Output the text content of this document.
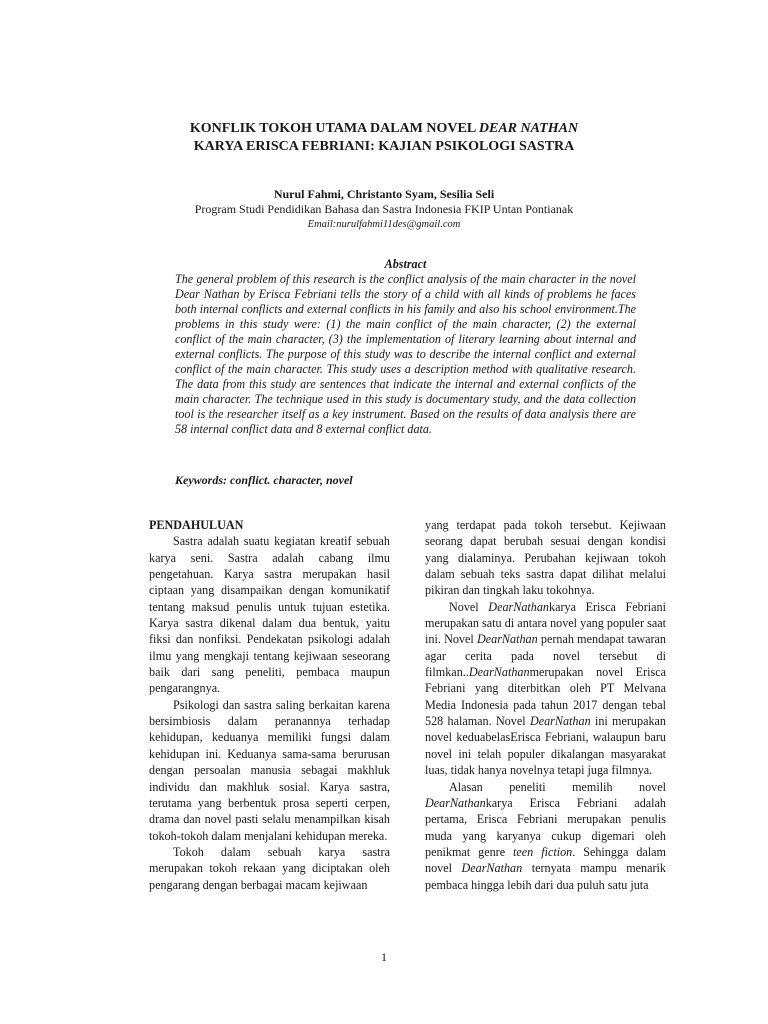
KONFLIK TOKOH UTAMA DALAM NOVEL DEAR NATHAN
KARYA ERISCA FEBRIANI: KAJIAN PSIKOLOGI SASTRA
Nurul Fahmi, Christanto Syam, Sesilia Seli
Program Studi Pendidikan Bahasa dan Sastra Indonesia FKIP Untan Pontianak
Email:nurulfahmi11des@gmail.com
Abstract

The general problem of this research is the conflict analysis of the main character in the novel Dear Nathan by Erisca Febriani tells the story of a child with all kinds of problems he faces both internal conflicts and external conflicts in his family and also his school environment.The problems in this study were: (1) the main conflict of the main character, (2) the external conflict of the main character, (3) the implementation of literary learning about internal and external conflicts. The purpose of this study was to describe the internal conflict and external conflict of the main character. This study uses a description method with qualitative research. The data from this study are sentences that indicate the internal and external conflicts of the main character. The technique used in this study is documentary study, and the data collection tool is the researcher itself as a key instrument. Based on the results of data analysis there are 58 internal conflict data and 8 external conflict data.

Keywords: conflict. character, novel
PENDAHULUAN

Sastra adalah suatu kegiatan kreatif sebuah karya seni. Sastra adalah cabang ilmu pengetahuan. Karya sastra merupakan hasil ciptaan yang disampaikan dengan komunikatif tentang maksud penulis untuk tujuan estetika. Karya sastra dikenal dalam dua bentuk, yaitu fiksi dan nonfiksi. Pendekatan psikologi adalah ilmu yang mengkaji tentang kejiwaan seseorang baik dari sang peneliti, pembaca maupun pengarangnya.

Psikologi dan sastra saling berkaitan karena bersimbiosis dalam peranannya terhadap kehidupan, keduanya memiliki fungsi dalam kehidupan ini. Keduanya sama-sama berurusan dengan persoalan manusia sebagai makhluk individu dan makhluk sosial. Karya sastra, terutama yang berbentuk prosa seperti cerpen, drama dan novel pasti selalu menampilkan kisah tokoh-tokoh dalam menjalani kehidupan mereka.

Tokoh dalam sebuah karya sastra merupakan tokoh rekaan yang diciptakan oleh pengarang dengan berbagai macam kejiwaan

yang terdapat pada tokoh tersebut. Kejiwaan seorang dapat berubah sesuai dengan kondisi yang dialaminya. Perubahan kejiwaan tokoh dalam sebuah teks sastra dapat dilihat melalui pikiran dan tingkah laku tokohnya.

Novel DearNathankarya Erisca Febriani merupakan satu di antara novel yang populer saat ini. Novel DearNathan pernah mendapat tawaran agar cerita pada novel tersebut di filmkan..DearNathanmerupakan novel Erisca Febriani yang diterbitkan oleh PT Melvana Media Indonesia pada tahun 2017 dengan tebal 528 halaman. Novel DearNathan ini merupakan novel keduabelasErisca Febriani, walaupun baru novel ini telah populer dikalangan masyarakat luas, tidak hanya novelnya tetapi juga filmnya.

Alasan peneliti memilih novel DearNathankarya Erisca Febriani adalah pertama, Erisca Febriani merupakan penulis muda yang karyanya cukup digemari oleh penikmat genre teen fiction. Sehingga dalam novel DearNathan ternyata mampu menarik pembaca hingga lebih dari dua puluh satu juta

1
